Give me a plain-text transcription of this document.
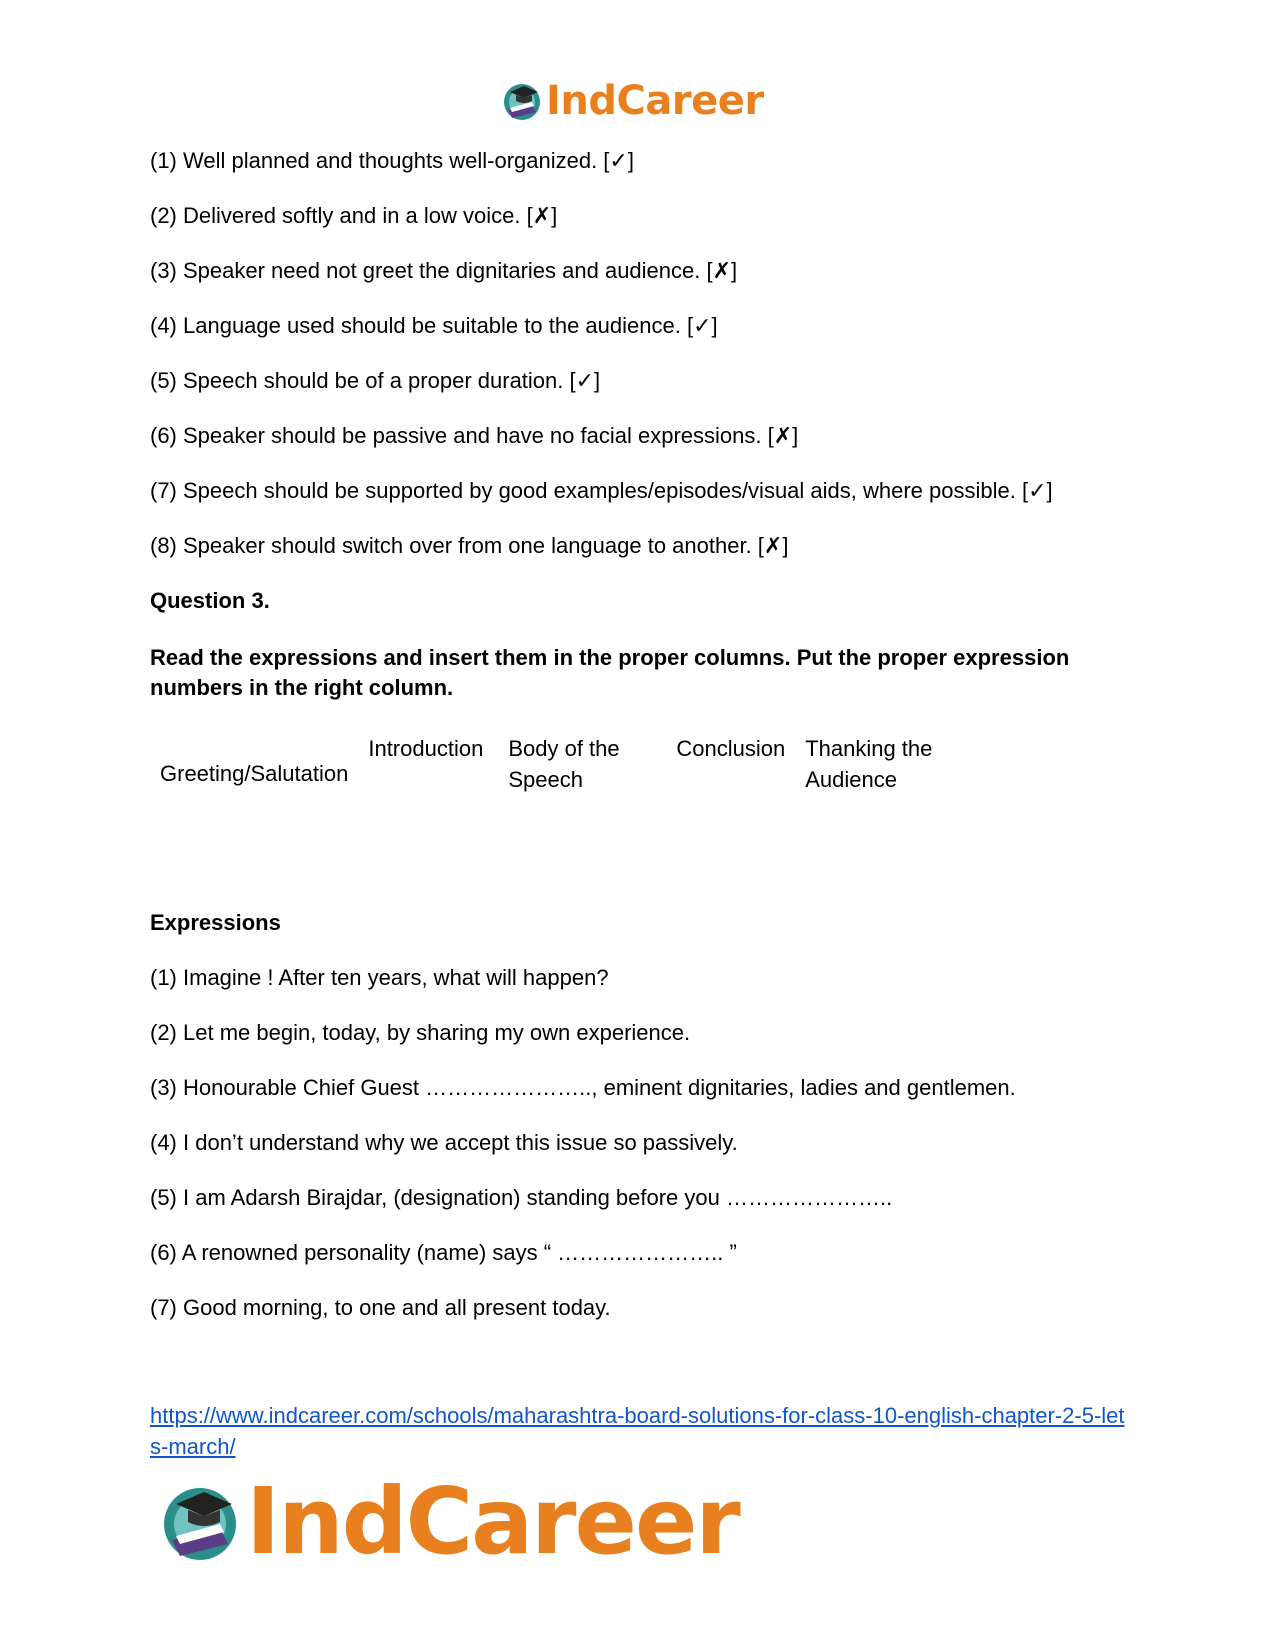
IndCareer

(1) Well planned and thoughts well-organized. [✓]

(2) Delivered softly and in a low voice. [✗]

(3) Speaker need not greet the dignitaries and audience. [✗]

(4) Language used should be suitable to the audience. [✓]

(5) Speech should be of a proper duration. [✓]

(6) Speaker should be passive and have no facial expressions. [✗]

(7) Speech should be supported by good examples/episodes/visual aids, where possible. [✓]

(8) Speaker should switch over from one language to another. [✗]

Question 3.

Read the expressions and insert them in the proper columns. Put the proper expression numbers in the right column.

Greeting/Salutation	Introduction	Body of the Speech	Conclusion	Thanking the Audience

Expressions

(1) Imagine ! After ten years, what will happen?

(2) Let me begin, today, by sharing my own experience.

(3) Honourable Chief Guest ………………….., eminent dignitaries, ladies and gentlemen.

(4) I don’t understand why we accept this issue so passively.

(5) I am Adarsh Birajdar, (designation) standing before you …………………..

(6) A renowned personality (name) says “ ………………….. ”

(7) Good morning, to one and all present today.

https://www.indcareer.com/schools/maharashtra-board-solutions-for-class-10-english-chapter-2-5-lets-march/
IndCareer
